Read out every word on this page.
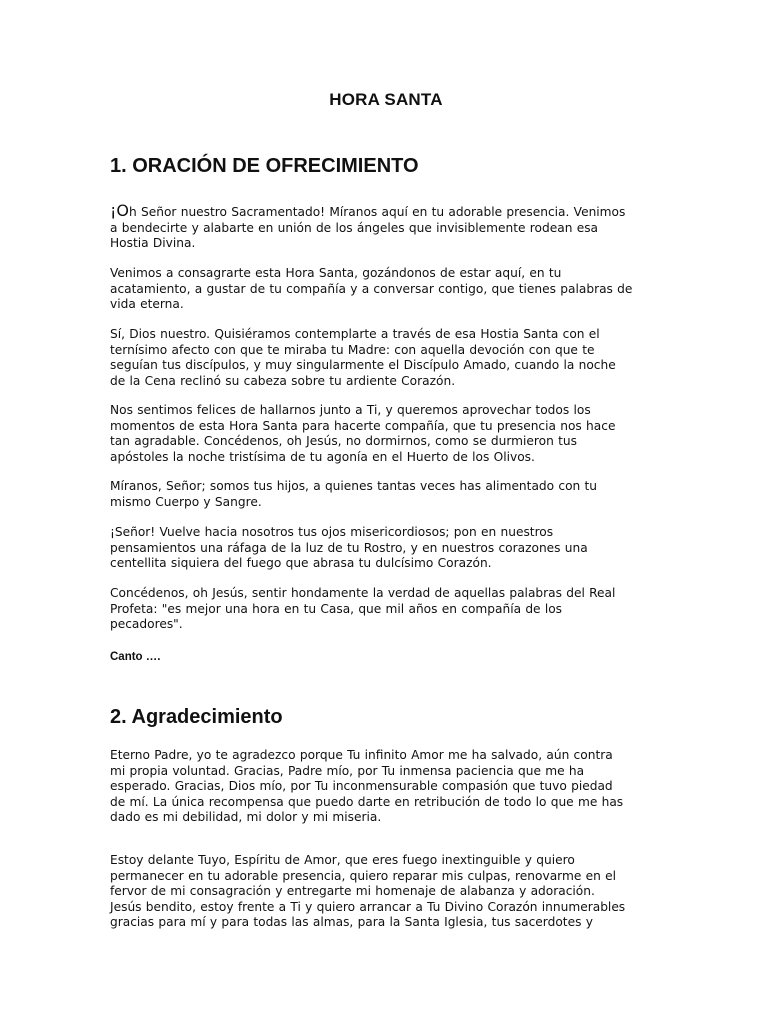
HORA SANTA
1. ORACIÓN DE OFRECIMIENTO
¡Oh Señor nuestro Sacramentado! Míranos aquí en tu adorable presencia. Venimos
a bendecirte y alabarte en unión de los ángeles que invisiblemente rodean esa
Hostia Divina.
Venimos a consagrarte esta Hora Santa, gozándonos de estar aquí, en tu
acatamiento, a gustar de tu compañía y a conversar contigo, que tienes palabras de
vida eterna.
Sí, Dios nuestro. Quisiéramos contemplarte a través de esa Hostia Santa con el
ternísimo afecto con que te miraba tu Madre: con aquella devoción con que te
seguían tus discípulos, y muy singularmente el Discípulo Amado, cuando la noche
de la Cena reclinó su cabeza sobre tu ardiente Corazón.
Nos sentimos felices de hallarnos junto a Ti, y queremos aprovechar todos los
momentos de esta Hora Santa para hacerte compañía, que tu presencia nos hace
tan agradable. Concédenos, oh Jesús, no dormirnos, como se durmieron tus
apóstoles la noche tristísima de tu agonía en el Huerto de los Olivos.
Míranos, Señor; somos tus hijos, a quienes tantas veces has alimentado con tu
mismo Cuerpo y Sangre.
¡Señor! Vuelve hacia nosotros tus ojos misericordiosos; pon en nuestros
pensamientos una ráfaga de la luz de tu Rostro, y en nuestros corazones una
centellita siquiera del fuego que abrasa tu dulcísimo Corazón.
Concédenos, oh Jesús, sentir hondamente la verdad de aquellas palabras del Real
Profeta: "es mejor una hora en tu Casa, que mil años en compañía de los
pecadores".

Canto ….

2. Agradecimiento
Eterno Padre, yo te agradezco porque Tu infinito Amor me ha salvado, aún contra
mi propia voluntad. Gracias, Padre mío, por Tu inmensa paciencia que me ha
esperado. Gracias, Dios mío, por Tu inconmensurable compasión que tuvo piedad
de mí. La única recompensa que puedo darte en retribución de todo lo que me has
dado es mi debilidad, mi dolor y mi miseria.
Estoy delante Tuyo, Espíritu de Amor, que eres fuego inextinguible y quiero
permanecer en tu adorable presencia, quiero reparar mis culpas, renovarme en el
fervor de mi consagración y entregarte mi homenaje de alabanza y adoración.
Jesús bendito, estoy frente a Ti y quiero arrancar a Tu Divino Corazón innumerables
gracias para mí y para todas las almas, para la Santa Iglesia, tus sacerdotes y
